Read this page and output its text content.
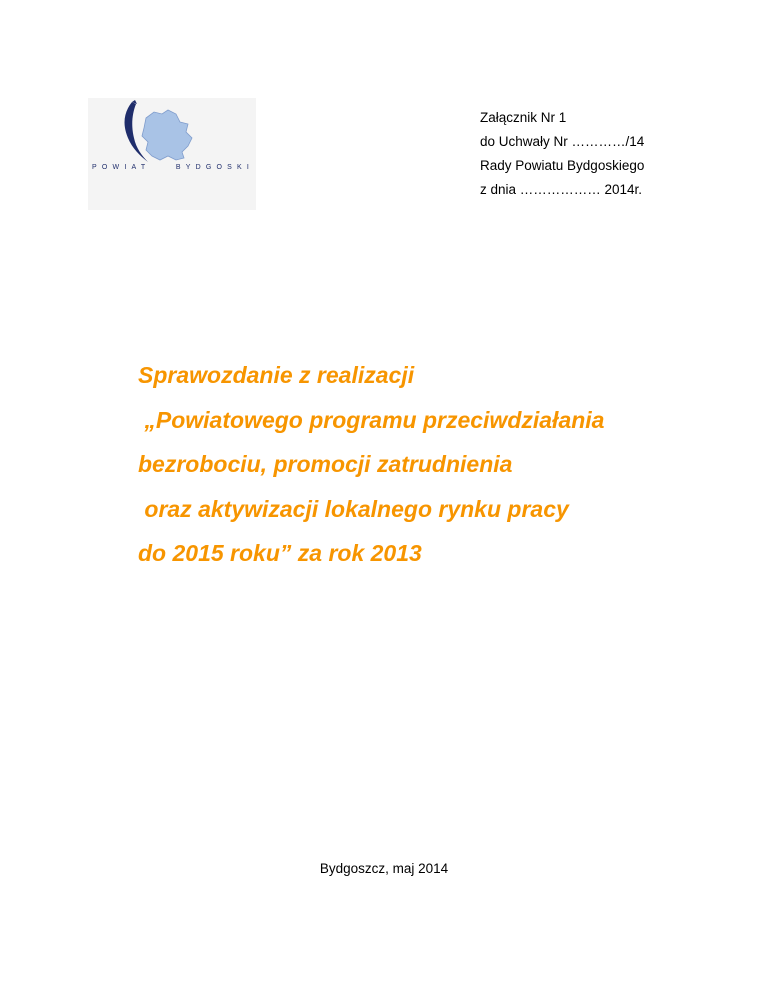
POWIAT	BYDGOSKI
Załącznik Nr 1
do Uchwały Nr …………/14
Rady Powiatu Bydgoskiego
z dnia ……………… 2014r.
Sprawozdanie z realizacji
„Powiatowego programu przeciwdziałania
bezrobociu, promocji zatrudnienia
oraz aktywizacji lokalnego rynku pracy
do 2015 roku” za rok 2013
Bydgoszcz, maj 2014
